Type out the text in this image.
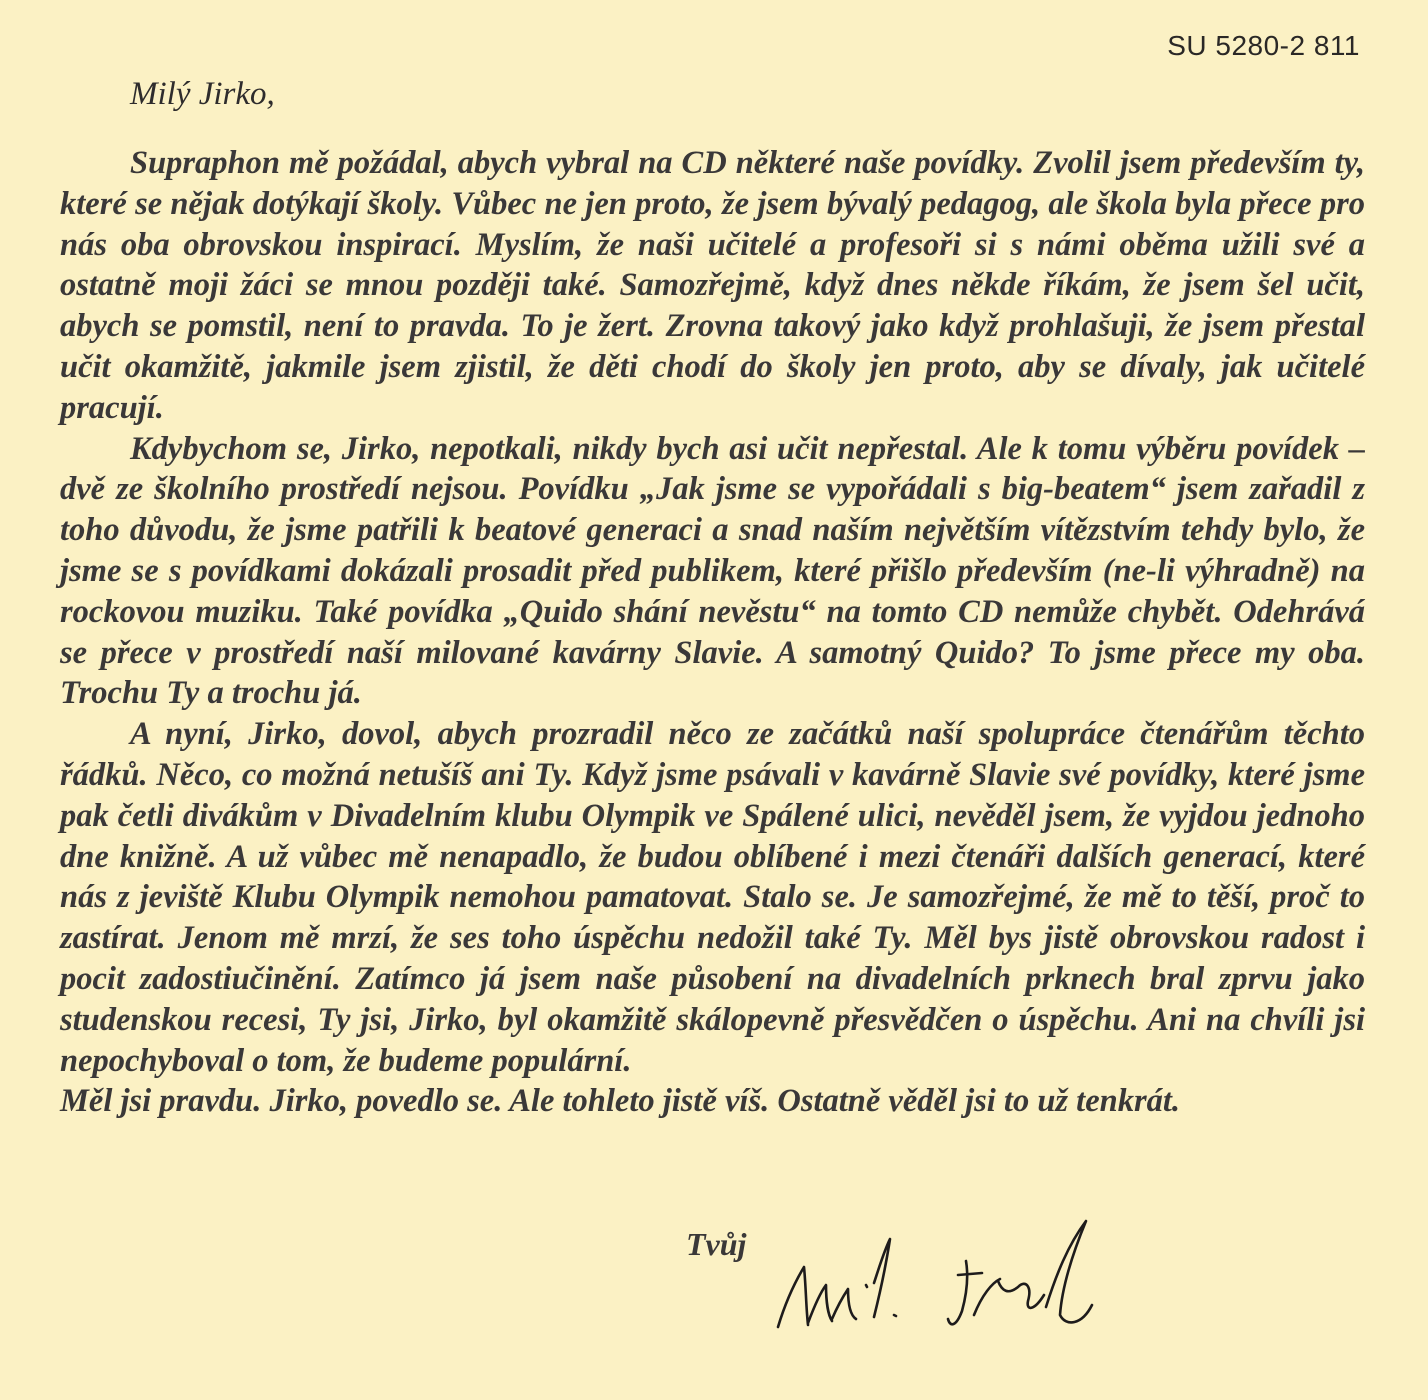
SU 5280-2 811
Milý Jirko,

Supraphon mě požádal, abych vybral na CD některé naše povídky. Zvolil jsem především ty, které se nějak dotýkají školy. Vůbec ne jen proto, že jsem bývalý pedagog, ale škola byla přece pro nás oba obrovskou inspirací. Myslím, že naši učitelé a profesoři si s námi oběma užili své a ostatně moji žáci se mnou později také. Samozřejmě, když dnes někde říkám, že jsem šel učit, abych se pomstil, není to pravda. To je žert. Zrovna takový jako když prohlašuji, že jsem přestal učit okamžitě, jakmile jsem zjistil, že děti chodí do školy jen proto, aby se dívaly, jak učitelé pracují.

Kdybychom se, Jirko, nepotkali, nikdy bych asi učit nepřestal. Ale k tomu výběru povídek – dvě ze školního prostředí nejsou. Povídku „Jak jsme se vypořádali s big-beatem“ jsem zařadil z toho důvodu, že jsme patřili k beatové generaci a snad naším největším vítězstvím tehdy bylo, že jsme se s povídkami dokázali prosadit před publikem, které přišlo především (ne-li výhradně) na rockovou muziku. Také povídka „Quido shání nevěstu“ na tomto CD nemůže chybět. Odehrává se přece v prostředí naší milované kavárny Slavie. A samotný Quido? To jsme přece my oba. Trochu Ty a trochu já.

A nyní, Jirko, dovol, abych prozradil něco ze začátků naší spolupráce čtenářům těchto řádků. Něco, co možná netušíš ani Ty. Když jsme psávali v kavárně Slavie své povídky, které jsme pak četli divákům v Divadelním klubu Olympik ve Spálené ulici, nevěděl jsem, že vyjdou jednoho dne knižně. A už vůbec mě nenapadlo, že budou oblíbené i mezi čtenáři dalších generací, které nás z jeviště Klubu Olympik nemohou pamatovat. Stalo se. Je samozřejmé, že mě to těší, proč to zastírat. Jenom mě mrzí, že ses toho úspěchu nedožil také Ty. Měl bys jistě obrovskou radost i pocit zadostiučinění. Zatímco já jsem naše působení na divadelních prknech bral zprvu jako studenskou recesi, Ty jsi, Jirko, byl okamžitě skálopevně přesvědčen o úspěchu. Ani na chvíli jsi nepochyboval o tom, že budeme populární.

Měl jsi pravdu. Jirko, povedlo se. Ale tohleto jistě víš. Ostatně věděl jsi to už tenkrát.

Tvůj
